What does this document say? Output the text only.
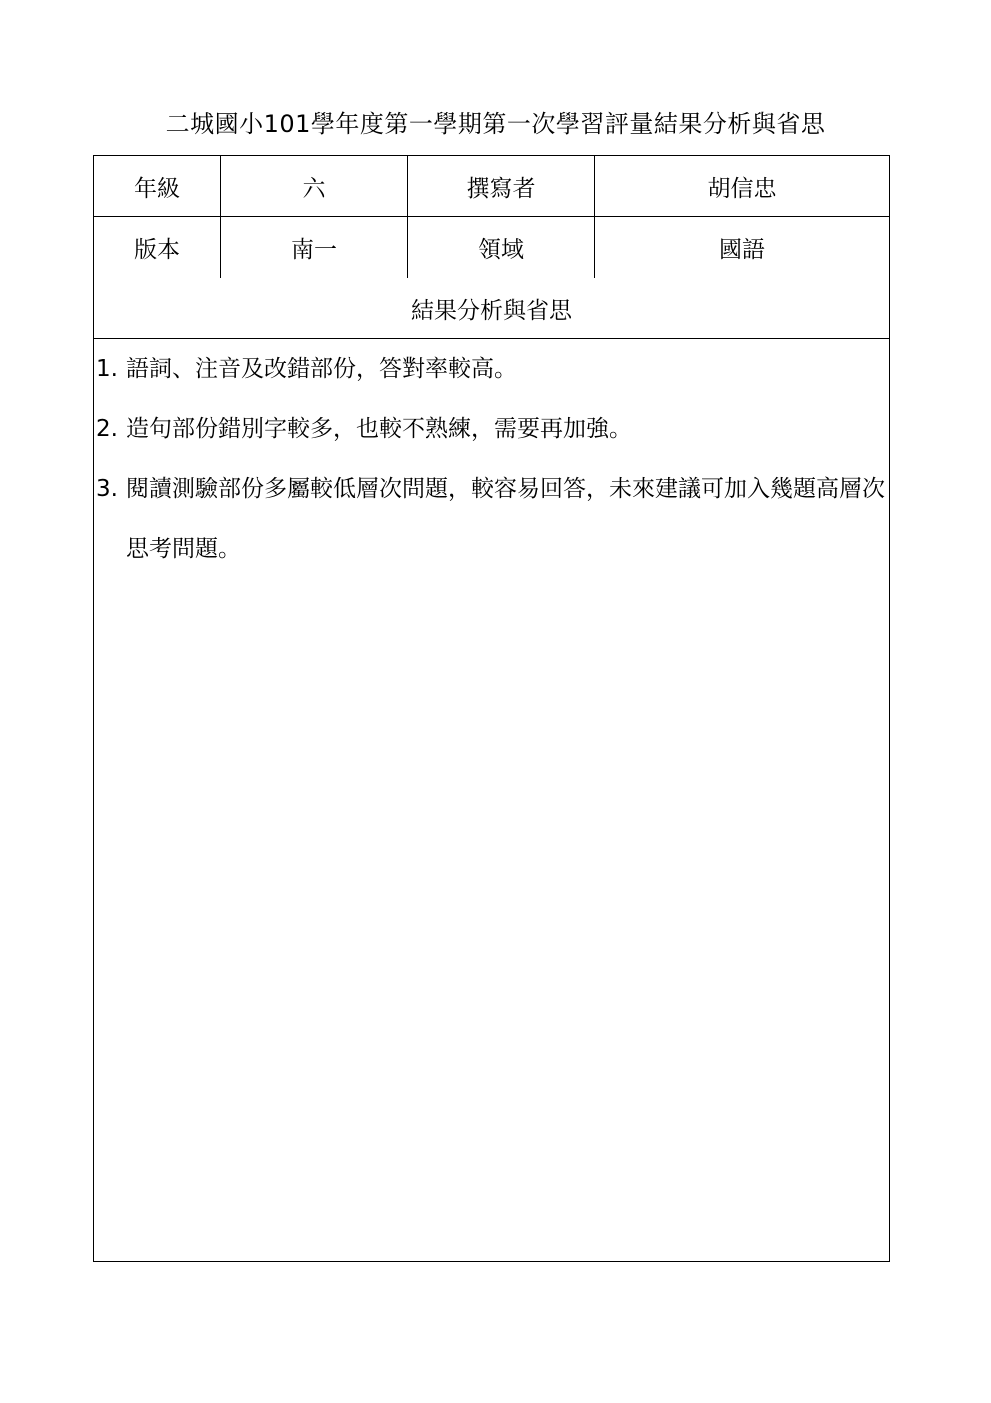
二城國小101學年度第一學期第一次學習評量結果分析與省思
年級	六	撰寫者	胡信忠
版本	南一	領域	國語
結果分析與省思
1. 語詞、注音及改錯部份，答對率較高。
2. 造句部份錯別字較多，也較不熟練，需要再加強。
3. 閱讀測驗部份多屬較低層次問題，較容易回答，未來建議可加入幾題高層次
思考問題。
